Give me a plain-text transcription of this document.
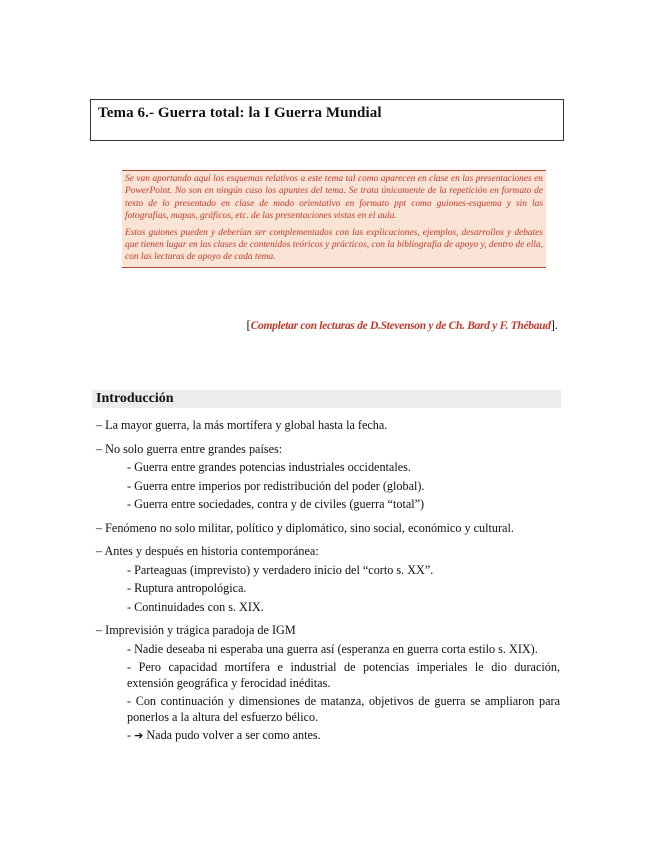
Tema 6.- Guerra total: la I Guerra Mundial

Se van aportando aquí los esquemas relativos a este tema tal como aparecen en clase en las presentaciones en PowerPoint. No son en ningún caso los apuntes del tema. Se trata únicamente de la repetición en formato de texto de lo presentado en clase de modo orientativo en formato ppt como guiones-esquema y sin las fotografías, mapas, gráficos, etc. de las presentaciones vistas en el aula.

Estos guiones pueden y deberían ser complementados con las explicaciones, ejemplos, desarrollos y debates que tienen lugar en las clases de contenidos teóricos y prácticos, con la bibliografía de apoyo y, dentro de ella, con las lecturas de apoyo de cada tema.

[Completar con lecturas de D.Stevenson y de Ch. Bard y F. Thébaud].
Introducción
– La mayor guerra, la más mortífera y global hasta la fecha.
– No solo guerra entre grandes países:
- Guerra entre grandes potencias industriales occidentales.
- Guerra entre imperios por redistribución del poder (global).
- Guerra entre sociedades, contra y de civiles (guerra “total”)
– Fenómeno no solo militar, político y diplomático, sino social, económico y cultural.
– Antes y después en historia contemporánea:
- Parteaguas (imprevisto) y verdadero inicio del “corto s. XX”.
- Ruptura antropológica.
- Continuidades con s. XIX.
– Imprevisión y trágica paradoja de IGM
- Nadie deseaba ni esperaba una guerra así (esperanza en guerra corta estilo s. XIX).
- Pero capacidad mortífera e industrial de potencias imperiales le dio duración, extensión geográfica y ferocidad inéditas.
- Con continuación y dimensiones de matanza, objetivos de guerra se ampliaron para ponerlos a la altura del esfuerzo bélico.
- ➔ Nada pudo volver a ser como antes.
